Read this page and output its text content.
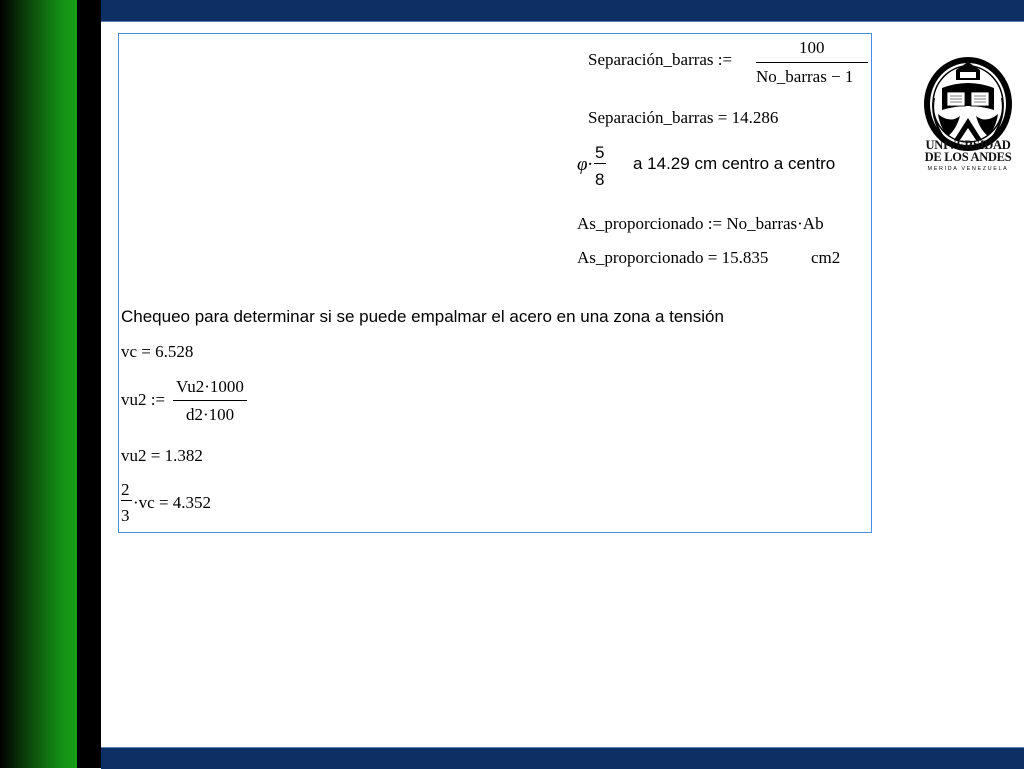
Separación_barras :=
100
No_barras − 1
Separación_barras = 14.286
φ·
5
8
a 14.29 cm centro a centro
As_proporcionado := No_barras·Ab
As_proporcionado = 15.835	cm2
Chequeo para determinar si se puede empalmar el acero en una zona a tensión
vc = 6.528
vu2 :=
Vu2·1000
d2·100
vu2 = 1.382
2
3
·vc = 4.352
UNIVERSIDAD
DE LOS ANDES
MERIDA VENEZUELA
